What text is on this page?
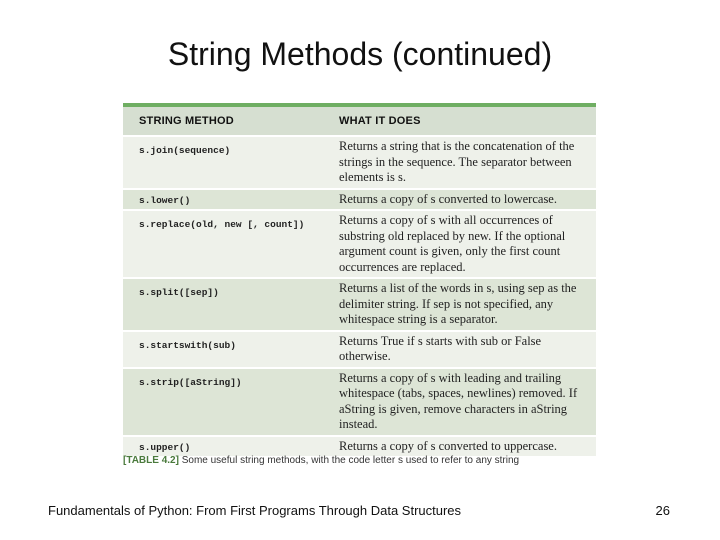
String Methods (continued)
STRING METHOD	WHAT IT DOES
s.join(sequence)	Returns a string that is the concatenation of the strings in the sequence. The separator between elements is s.
s.lower()	Returns a copy of s converted to lowercase.
s.replace(old, new [, count])	Returns a copy of s with all occurrences of substring old replaced by new. If the optional argument count is given, only the first count occurrences are replaced.
s.split([sep])	Returns a list of the words in s, using sep as the delimiter string. If sep is not specified, any whitespace string is a separator.
s.startswith(sub)	Returns True if s starts with sub or False otherwise.
s.strip([aString])	Returns a copy of s with leading and trailing whitespace (tabs, spaces, newlines) removed. If aString is given, remove characters in aString instead.
s.upper()	Returns a copy of s converted to uppercase.
[TABLE 4.2] Some useful string methods, with the code letter s used to refer to any string
Fundamentals of Python: From First Programs Through Data Structures	26
